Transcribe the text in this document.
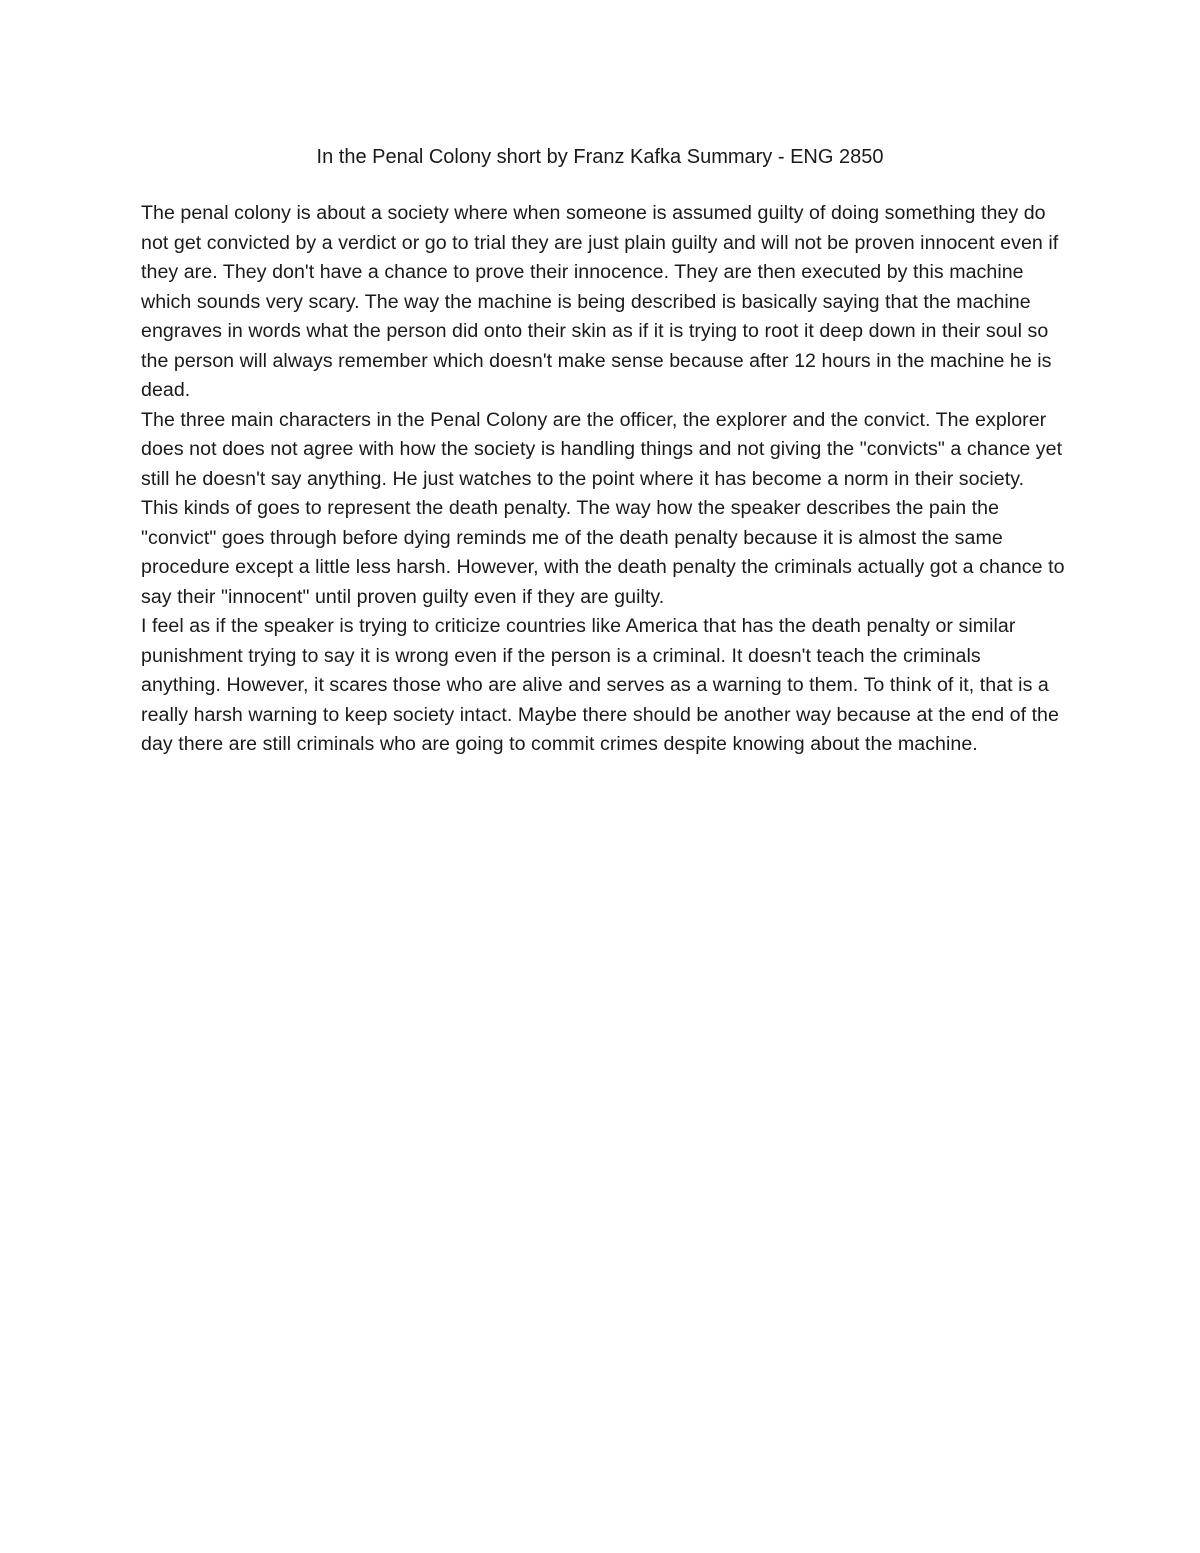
In the Penal Colony short by Franz Kafka Summary - ENG 2850

The penal colony is about a society where when someone is assumed guilty of doing something they do not get convicted by a verdict or go to trial they are just plain guilty and will not be proven innocent even if they are. They don't have a chance to prove their innocence. They are then executed by this machine which sounds very scary. The way the machine is being described is basically saying that the machine engraves in words what the person did onto their skin as if it is trying to root it deep down in their soul so the person will always remember which doesn't make sense because after 12 hours in the machine he is dead.

The three main characters in the Penal Colony are the officer, the explorer and the convict. The explorer does not does not agree with how the society is handling things and not giving the "convicts" a chance yet still he doesn't say anything. He just watches to the point where it has become a norm in their society. This kinds of goes to represent the death penalty. The way how the speaker describes the pain the "convict" goes through before dying reminds me of the death penalty because it is almost the same procedure except a little less harsh. However, with the death penalty the criminals actually got a chance to say their "innocent" until proven guilty even if they are guilty.

I feel as if the speaker is trying to criticize countries like America that has the death penalty or similar punishment trying to say it is wrong even if the person is a criminal. It doesn't teach the criminals anything. However, it scares those who are alive and serves as a warning to them. To think of it, that is a really harsh warning to keep society intact. Maybe there should be another way because at the end of the day there are still criminals who are going to commit crimes despite knowing about the machine.
